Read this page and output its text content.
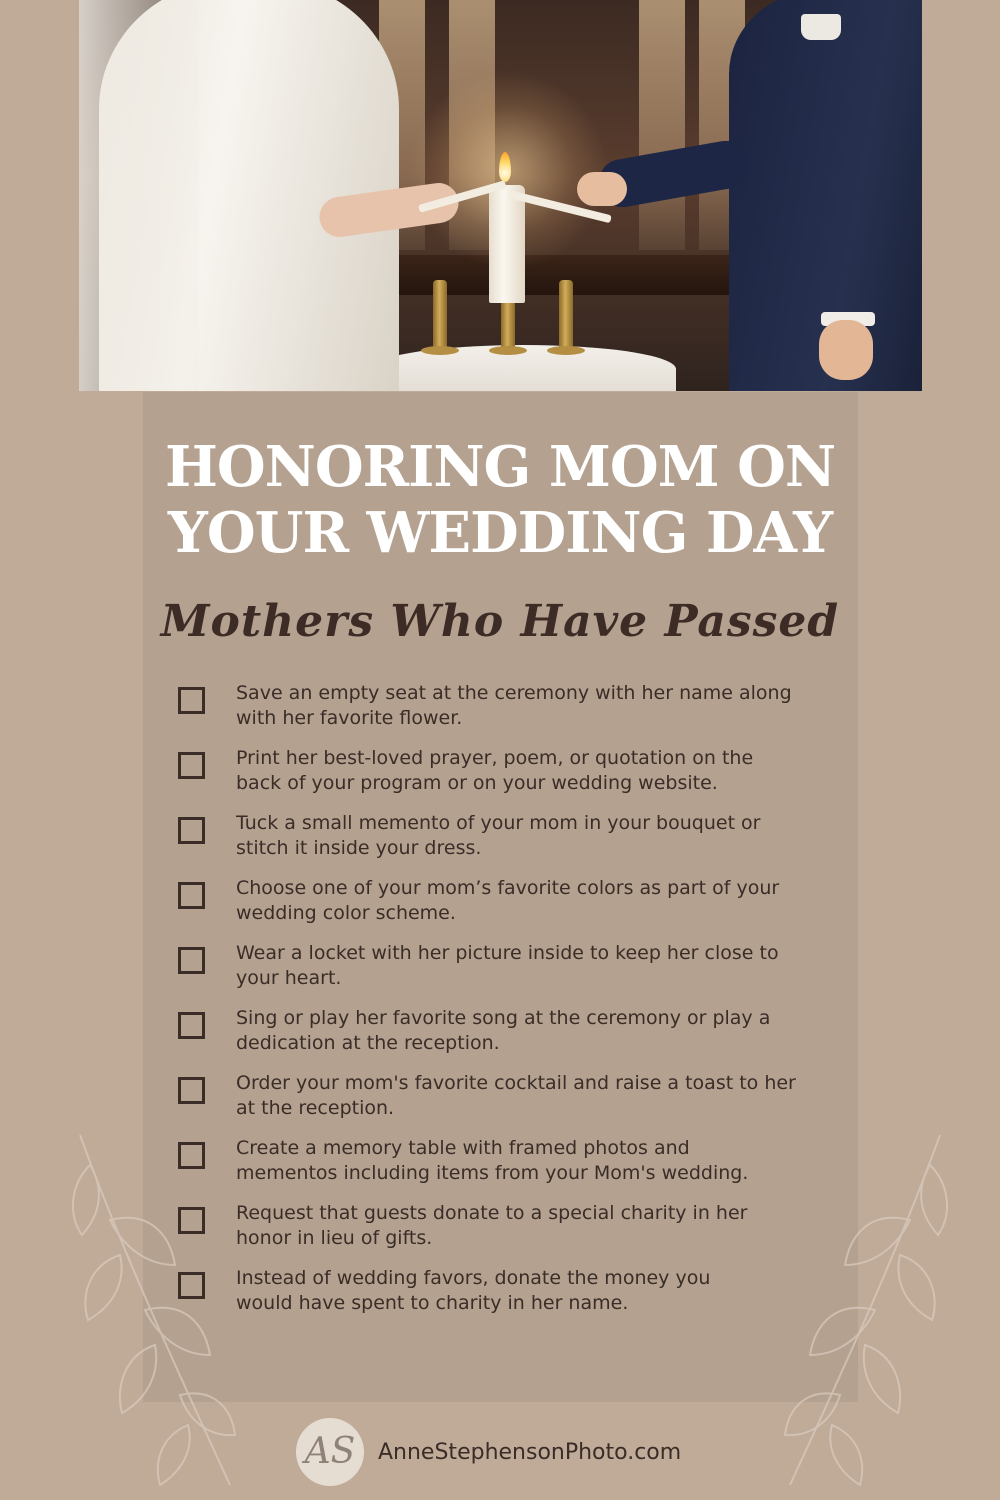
HONORING MOM ON
YOUR WEDDING DAY
Mothers Who Have Passed
Save an empty seat at the ceremony with her name along
with her favorite flower.
Print her best-loved prayer, poem, or quotation on the
back of your program or on your wedding website.
Tuck a small memento of your mom in your bouquet or
stitch it inside your dress.
Choose one of your mom’s favorite colors as part of your
wedding color scheme.
Wear a locket with her picture inside to keep her close to
your heart.
Sing or play her favorite song at the ceremony or play a
dedication at the reception.
Order your mom's favorite cocktail and raise a toast to her
at the reception.
Create a memory table with framed photos and
mementos including items from your Mom's wedding.
Request that guests donate to a special charity in her
honor in lieu of gifts.
Instead of wedding favors, donate the money you
would have spent to charity in her name.
AS	AnneStephensonPhoto.com
